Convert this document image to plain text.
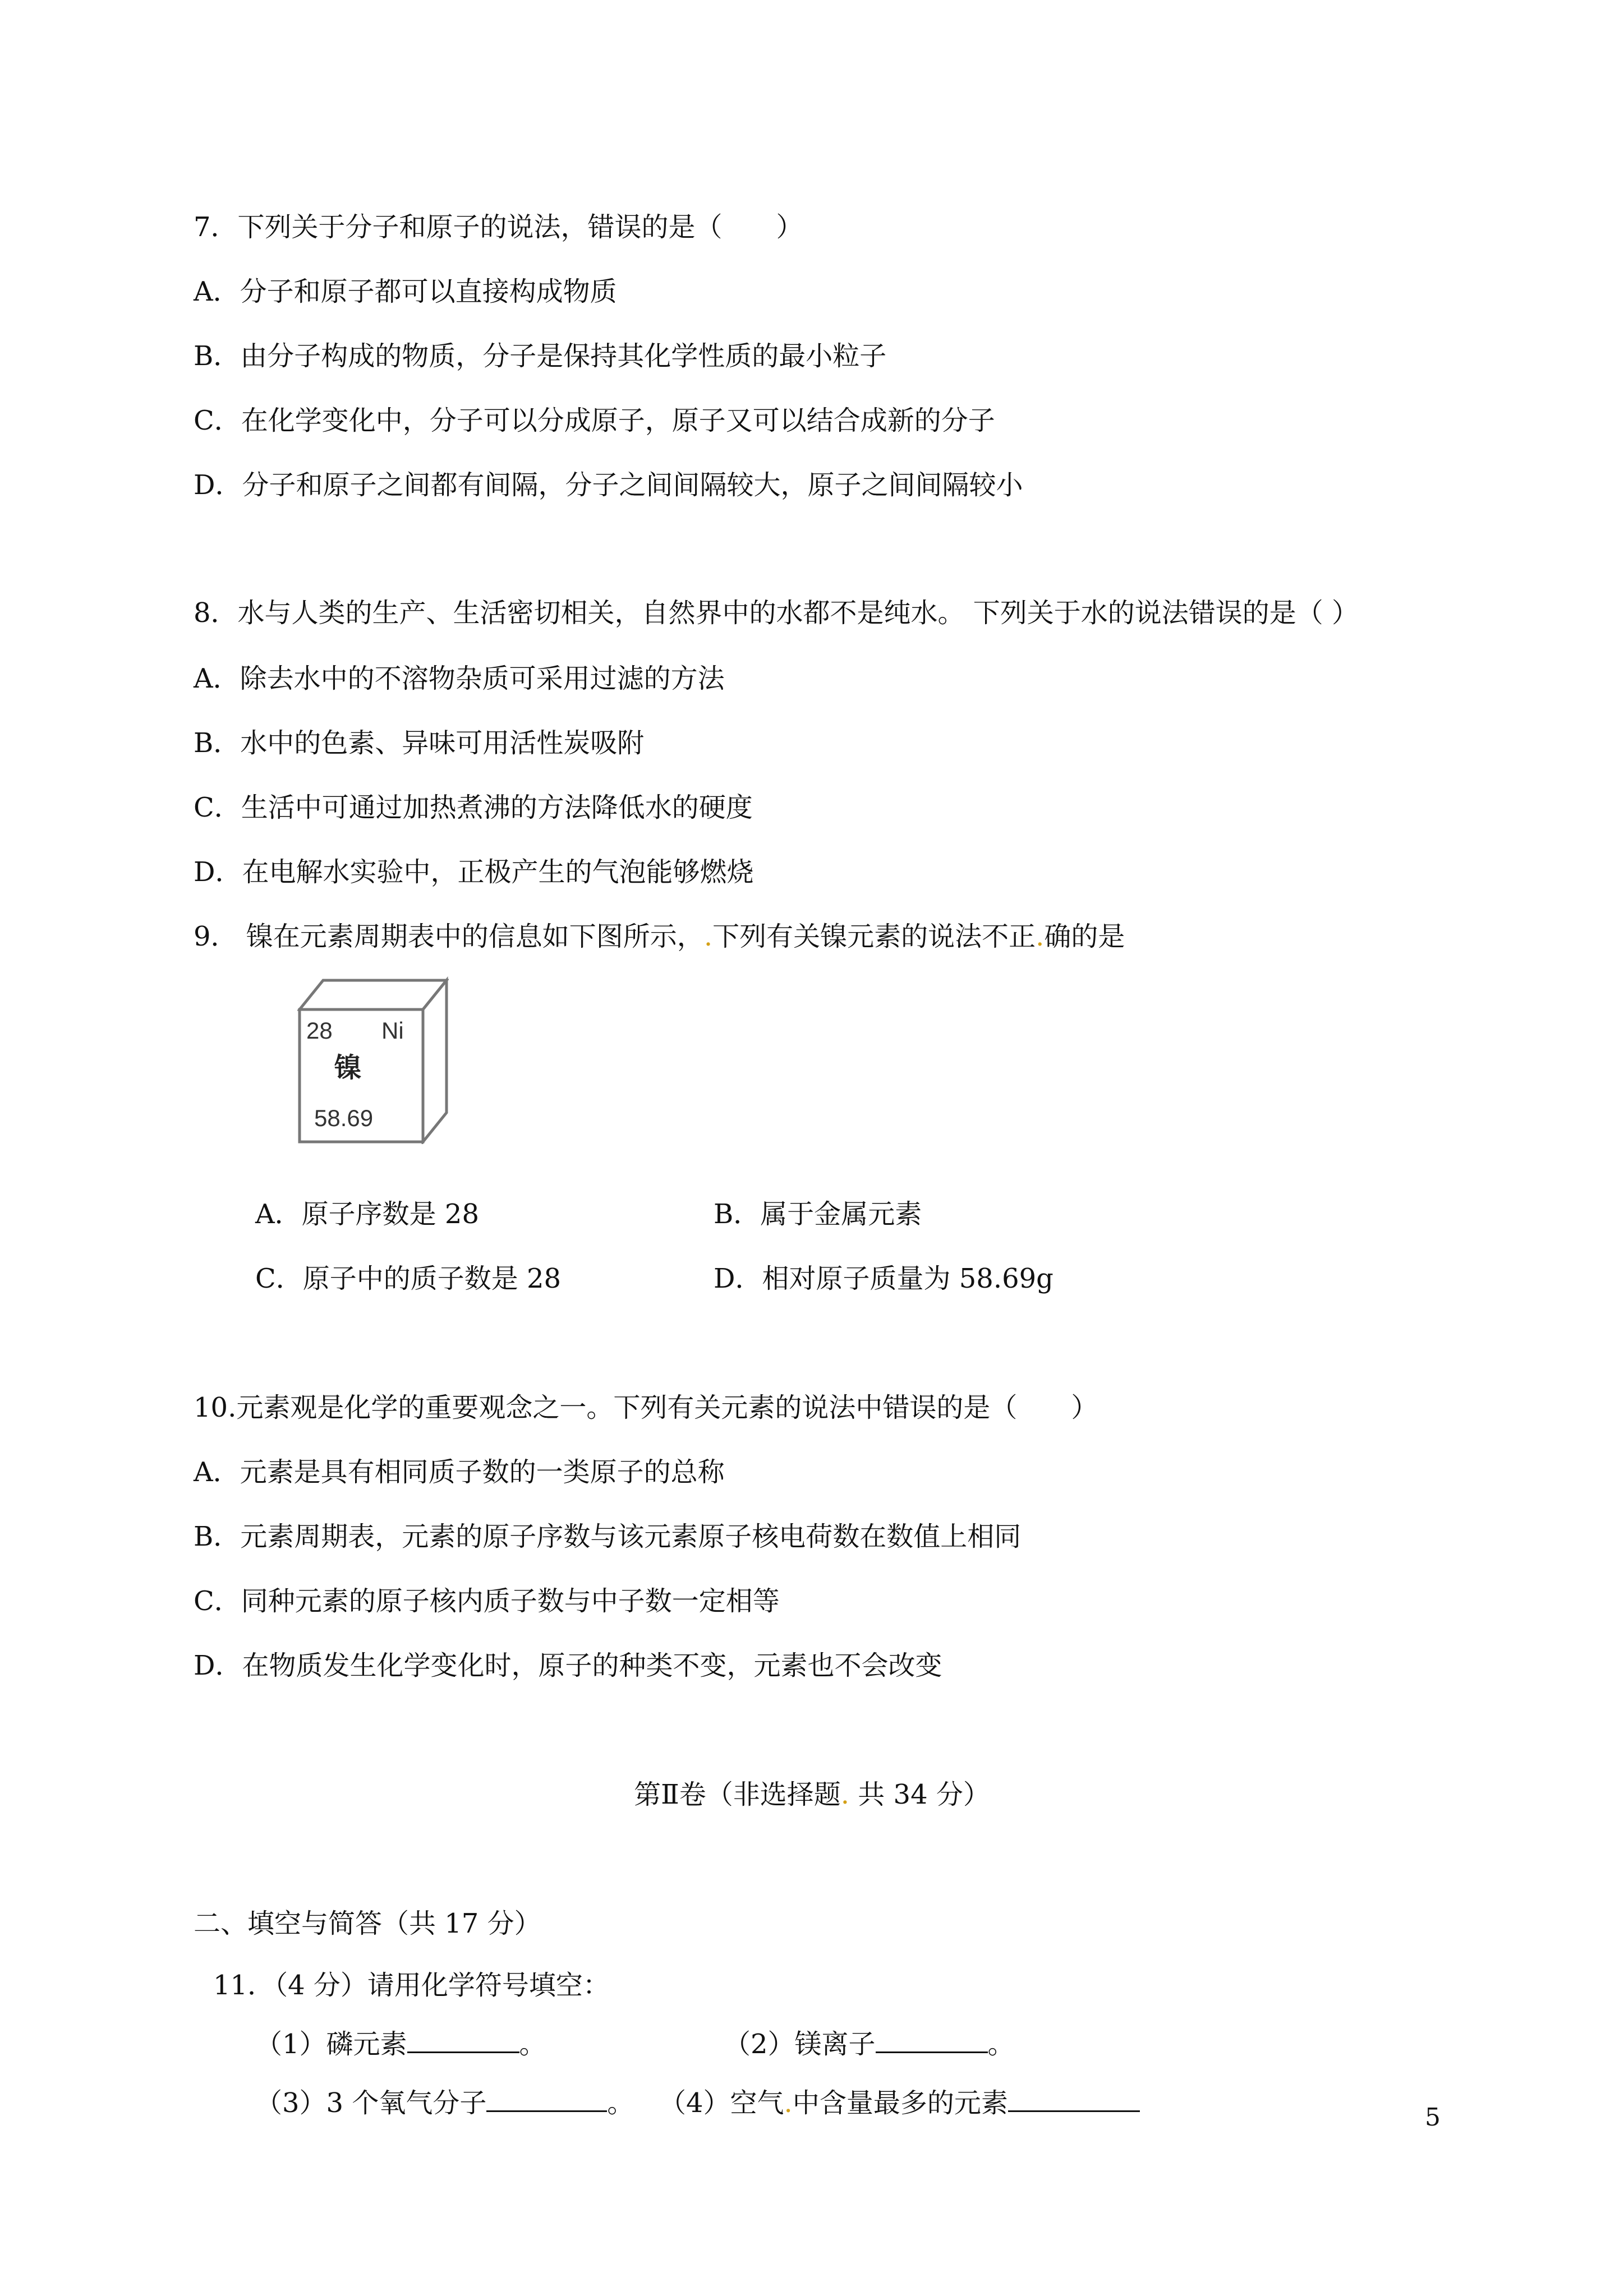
7．下列关于分子和原子的说法，错误的是（　　）
A．分子和原子都可以直接构成物质
B．由分子构成的物质，分子是保持其化学性质的最小粒子
C．在化学变化中，分子可以分成原子，原子又可以结合成新的分子
D．分子和原子之间都有间隔，分子之间间隔较大，原子之间间隔较小
8．水与人类的生产、生活密切相关，自然界中的水都不是纯水。 下列关于水的说法错误的是（ ）
A．除去水中的不溶物杂质可采用过滤的方法
B．水中的色素、异味可用活性炭吸附
C．生活中可通过加热煮沸的方法降低水的硬度
D．在电解水实验中，正极产生的气泡能够燃烧
9． 镍在元素周期表中的信息如下图所示，.下列有关镍元素的说法不正.确的是
28 Ni
镍
58.69
A．原子序数是 28	B．属于金属元素
C．原子中的质子数是 28	D．相对原子质量为 58.69g
10.元素观是化学的重要观念之一。下列有关元素的说法中错误的是（　　）
A．元素是具有相同质子数的一类原子的总称
B．元素周期表，元素的原子序数与该元素原子核电荷数在数值上相同
C．同种元素的原子核内质子数与中子数一定相等
D．在物质发生化学变化时，原子的种类不变，元素也不会改变
第Ⅱ卷（非选择题. 共 34 分）
二、填空与简答（共 17 分）
11．（4 分）请用化学符号填空：
（1）磷元素	。	（2）镁离子	。
（3）3 个氧气分子	。 （4）空气.中含量最多的元素	5
